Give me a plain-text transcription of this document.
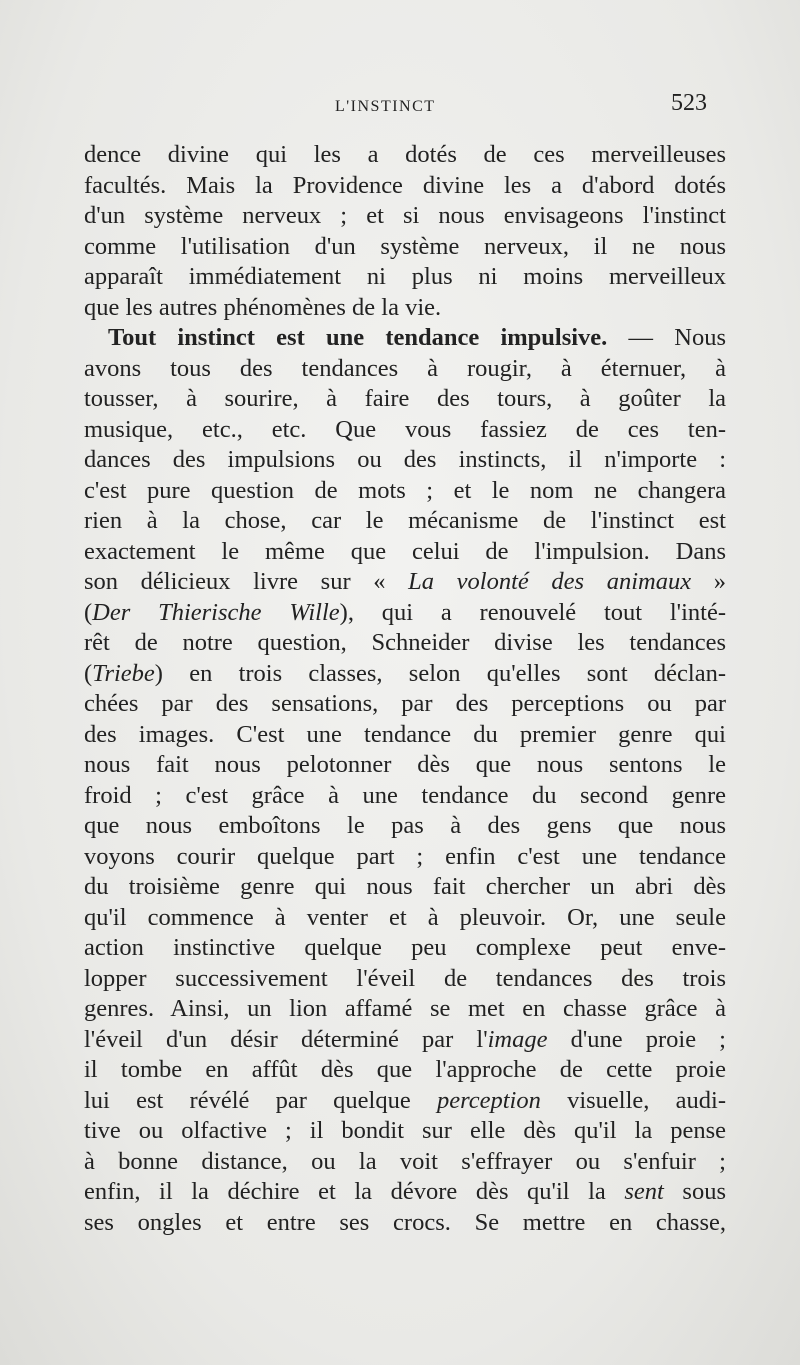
L'INSTINCT	523
dence divine qui les a dotés de ces merveilleuses
facultés. Mais la Providence divine les a d'abord dotés
d'un système nerveux ; et si nous envisageons l'instinct
comme l'utilisation d'un système nerveux, il ne nous
apparaît immédiatement ni plus ni moins merveilleux
que les autres phénomènes de la vie.
Tout instinct est une tendance impulsive. — Nous
avons tous des tendances à rougir, à éternuer, à
tousser, à sourire, à faire des tours, à goûter la
musique, etc., etc. Que vous fassiez de ces ten-
dances des impulsions ou des instincts, il n'importe :
c'est pure question de mots ; et le nom ne changera
rien à la chose, car le mécanisme de l'instinct est
exactement le même que celui de l'impulsion. Dans
son délicieux livre sur « La volonté des animaux »
(Der Thierische Wille), qui a renouvelé tout l'inté-
rêt de notre question, Schneider divise les tendances
(Triebe) en trois classes, selon qu'elles sont déclan-
chées par des sensations, par des perceptions ou par
des images. C'est une tendance du premier genre qui
nous fait nous pelotonner dès que nous sentons le
froid ; c'est grâce à une tendance du second genre
que nous emboîtons le pas à des gens que nous
voyons courir quelque part ; enfin c'est une tendance
du troisième genre qui nous fait chercher un abri dès
qu'il commence à venter et à pleuvoir. Or, une seule
action instinctive quelque peu complexe peut enve-
lopper successivement l'éveil de tendances des trois
genres. Ainsi, un lion affamé se met en chasse grâce à
l'éveil d'un désir déterminé par l'image d'une proie ;
il tombe en affût dès que l'approche de cette proie
lui est révélé par quelque perception visuelle, audi-
tive ou olfactive ; il bondit sur elle dès qu'il la pense
à bonne distance, ou la voit s'effrayer ou s'enfuir ;
enfin, il la déchire et la dévore dès qu'il la sent sous
ses ongles et entre ses crocs. Se mettre en chasse,
